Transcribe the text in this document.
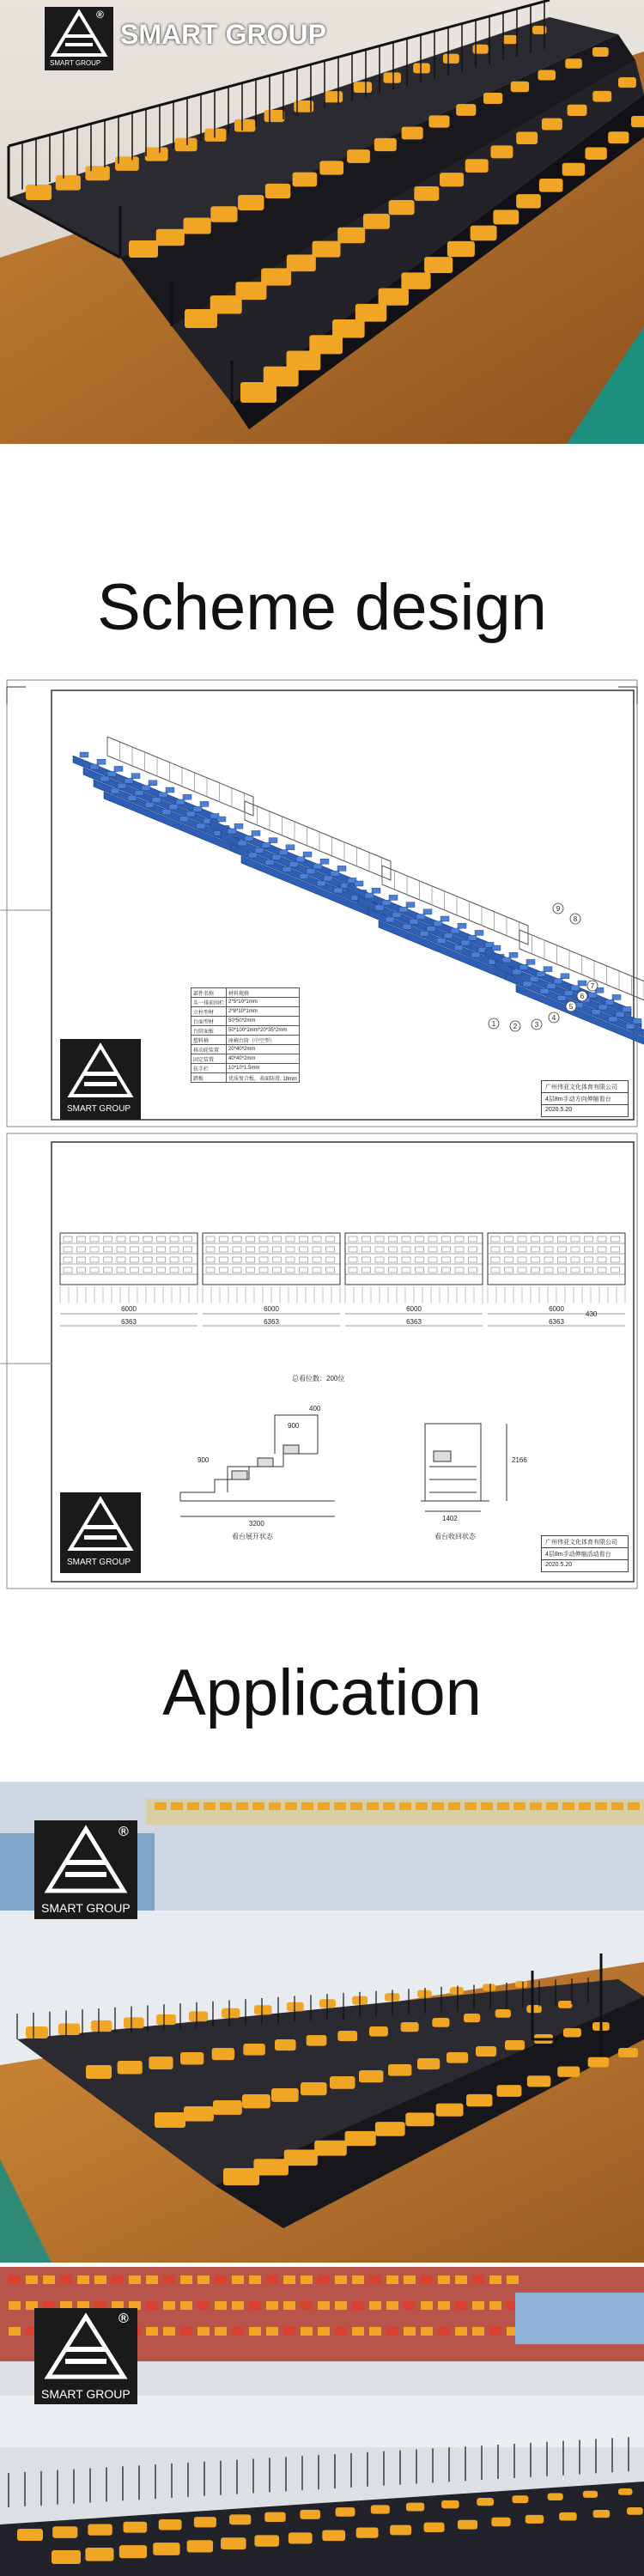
SMART GROUP
®
SMART GROUP
Scheme design
1	2	3
4
5
6
7
8
9
部件名称	材料规格
头一排前围栏	2*5*10*1mm
立柱型材	2*8*10*1mm
台面型材	50*50*2mm
台阶面板	50*100*2mm*20*35*2mm
塑料椅	座椅台阶（中空型）
移动轮装置	20*40*2mm
固定装置	40*40*2mm
扶手栏	10*10*1.5mm
踏板	优质复合板，表面防滑, 18mm
SMART GROUP
广州伟亚文化体育有限公司
4层8m手动方向伸缩看台
2020.5.20
6000
6363
6000
6363
6000
6363
6000
6363
总看位数：200位
430
900
400
900
3200
看台展开状态
2166
1402
看台收回状态
SMART GROUP
广州伟亚文化体育有限公司
4层8m手动伸缩活动看台
2020.5.20
Application
SMART GROUP
®
SMART GROUP
®
